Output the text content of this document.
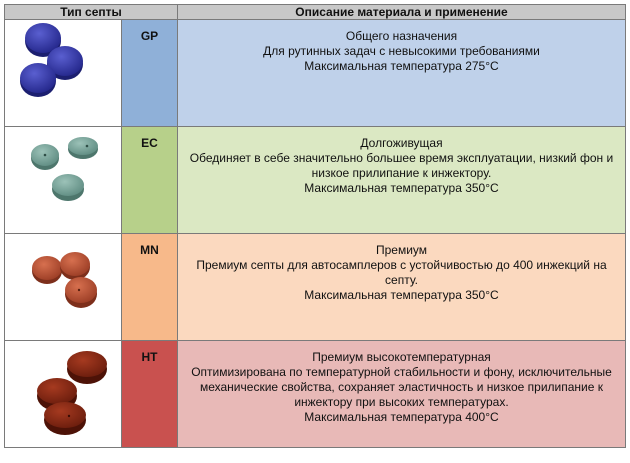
Тип септы		Описание материала и применение

GP	Общего назначения
Для рутинных задач с невысокими требованиями
Максимальная температура 275°C

EC	Долгоживущая
Обединяет в себе значительно большее время эксплуатации, низкий фон и низкое прилипание к инжектору.
Максимальная температура 350°C

MN	Премиум
Премиум септы для автосамплеров с устойчивостью до 400 инжекций на септу.
Максимальная температура 350°C

HT	Премиум высокотемпературная
Оптимизирована по температурной стабильности и фону, исключительные механические свойства, сохраняет эластичность и низкое прилипание к инжектору при высоких температурах.
Максимальная температура 400°C
